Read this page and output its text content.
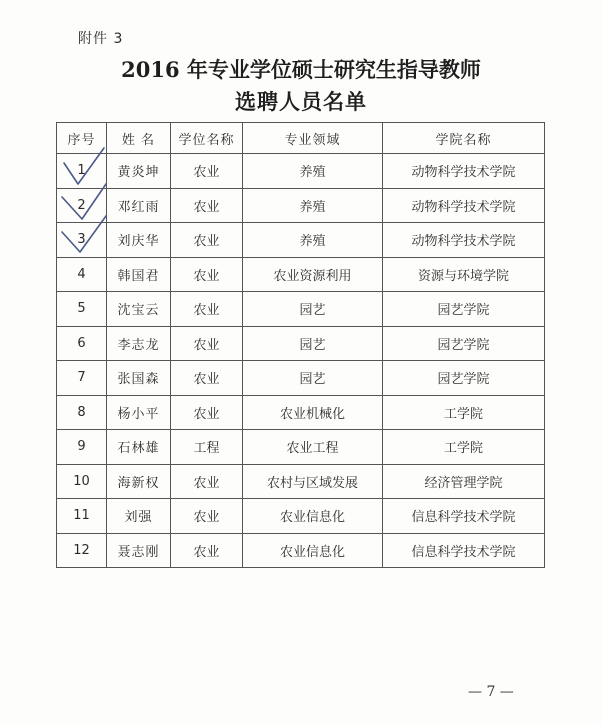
附件 3
2016 年专业学位硕士研究生指导教师
选聘人员名单
序号	姓 名	学位名称	专业领域	学院名称
1	黄炎坤	农业	养殖	动物科学技术学院
2	邓红雨	农业	养殖	动物科学技术学院
3	刘庆华	农业	养殖	动物科学技术学院
4	韩国君	农业	农业资源利用	资源与环境学院
5	沈宝云	农业	园艺	园艺学院
6	李志龙	农业	园艺	园艺学院
7	张国森	农业	园艺	园艺学院
8	杨小平	农业	农业机械化	工学院
9	石林雄	工程	农业工程	工学院
10	海新权	农业	农村与区域发展	经济管理学院
11	刘强	农业	农业信息化	信息科学技术学院
12	聂志刚	农业	农业信息化	信息科学技术学院
— 7 —
